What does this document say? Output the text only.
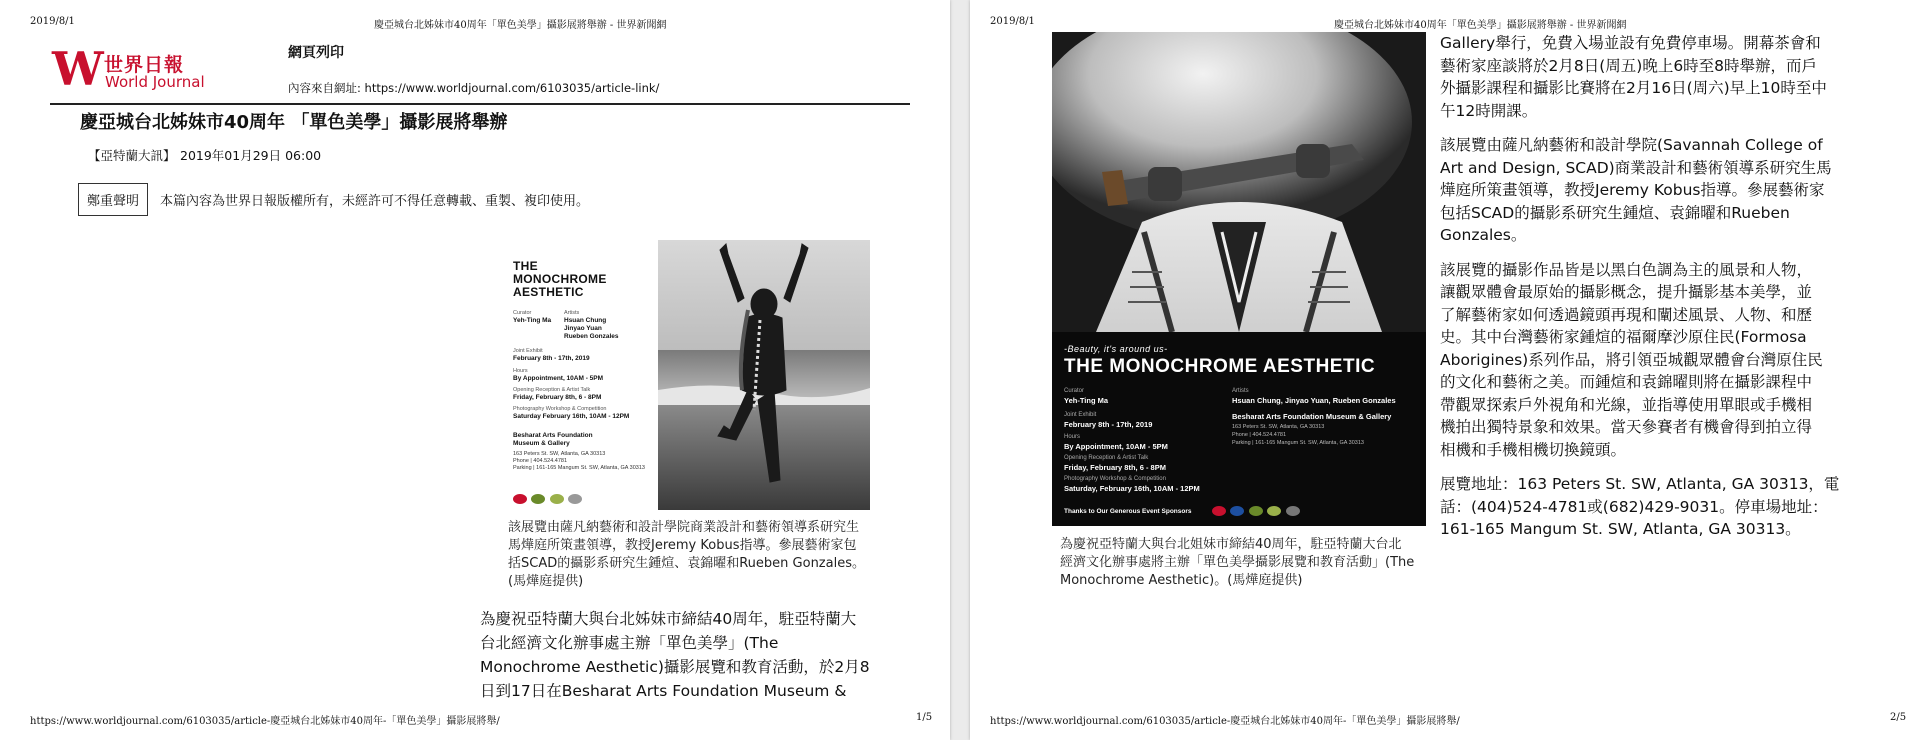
2019/8/1	慶亞城台北姊妹市40周年「單色美學」攝影展將舉辦 - 世界新聞網
W 世界日報
World Journal
網頁列印
內容來自網址: https://www.worldjournal.com/6103035/article-link/
慶亞城台北姊妹市40周年 「單色美學」攝影展將舉辦
【亞特蘭大訊】 2019年01月29日 06:00
鄭重聲明	本篇內容為世界日報版權所有，未經許可不得任意轉載、重製、複印使用。
THE
MONOCHROME
AESTHETIC
Curator
Yeh-Ting Ma
Artists
Hsuan Chung
Jinyao Yuan
Rueben Gonzales
Joint Exhibit
February 8th - 17th, 2019
Hours
By Appointment, 10AM - 5PM
Opening Reception & Artist Talk
Friday, February 8th, 6 - 8PM
Photography Workshop & Competition
Saturday February 16th, 10AM - 12PM
Besharat Arts Foundation
Museum & Gallery
163 Peters St. SW, Atlanta, GA 30313
Phone | 404.524.4781
Parking | 161-165 Mangum St. SW, Atlanta, GA 30313

該展覽由薩凡納藝術和設計學院商業設計和藝術領導系研究生
馬燁庭所策畫領導，教授Jeremy Kobus指導。參展藝術家包
括SCAD的攝影系研究生鍾煊、袁錦曜和Rueben Gonzales。
(馬燁庭提供)
為慶祝亞特蘭大與台北姊妹市締結40周年，駐亞特蘭大
台北經濟文化辦事處主辦「單色美學」(The
Monochrome Aesthetic)攝影展覽和教育活動，於2月8
日到17日在Besharat Arts Foundation Museum &
https://www.worldjournal.com/6103035/article-慶亞城台北姊妹市40周年-「單色美學」攝影展將舉/	1/5
2019/8/1	慶亞城台北姊妹市40周年「單色美學」攝影展將舉辦 - 世界新聞網
-Beauty, it's around us-
THE MONOCHROME AESTHETIC
Curator
Yeh-Ting Ma
Artists
Hsuan Chung, Jinyao Yuan, Rueben Gonzales
Joint Exhibit
February 8th - 17th, 2019
Hours
By Appointment, 10AM - 5PM
Opening Reception & Artist Talk
Friday, February 8th, 6 - 8PM
Photography Workshop & Competition
Saturday, February 16th, 10AM - 12PM
Besharat Arts Foundation Museum & Gallery
163 Peters St. SW, Atlanta, GA 30313
Phone | 404.524.4781
Parking | 161-165 Mangum St. SW, Atlanta, GA 30313
Thanks to Our Generous Event Sponsors

為慶祝亞特蘭大與台北姐妹市締結40周年，駐亞特蘭大台北
經濟文化辦事處將主辦「單色美學攝影展覽和教育活動」(The
Monochrome Aesthetic)。(馬燁庭提供)
Gallery舉行，免費入場並設有免費停車場。開幕茶會和
藝術家座談將於2月8日(周五)晚上6時至8時舉辦，而戶
外攝影課程和攝影比賽將在2月16日(周六)早上10時至中
午12時開課。
該展覽由薩凡納藝術和設計學院(Savannah College of
Art and Design, SCAD)商業設計和藝術領導系研究生馬
燁庭所策畫領導，教授Jeremy Kobus指導。參展藝術家
包括SCAD的攝影系研究生鍾煊、袁錦曜和Rueben
Gonzales。
該展覽的攝影作品皆是以黑白色調為主的風景和人物，
讓觀眾體會最原始的攝影概念，提升攝影基本美學，並
了解藝術家如何透過鏡頭再現和闡述風景、人物、和歷
史。其中台灣藝術家鍾煊的福爾摩沙原住民(Formosa
Aborigines)系列作品，將引領亞城觀眾體會台灣原住民
的文化和藝術之美。而鍾煊和袁錦曜則將在攝影課程中
帶觀眾探索戶外視角和光線，並指導使用單眼或手機相
機拍出獨特景象和效果。當天參賽者有機會得到拍立得
相機和手機相機切換鏡頭。
展覽地址：163 Peters St. SW, Atlanta, GA 30313，電
話：(404)524-4781或(682)429-9031。停車場地址：
161-165 Mangum St. SW, Atlanta, GA 30313。
https://www.worldjournal.com/6103035/article-慶亞城台北姊妹市40周年-「單色美學」攝影展將舉/	2/5
